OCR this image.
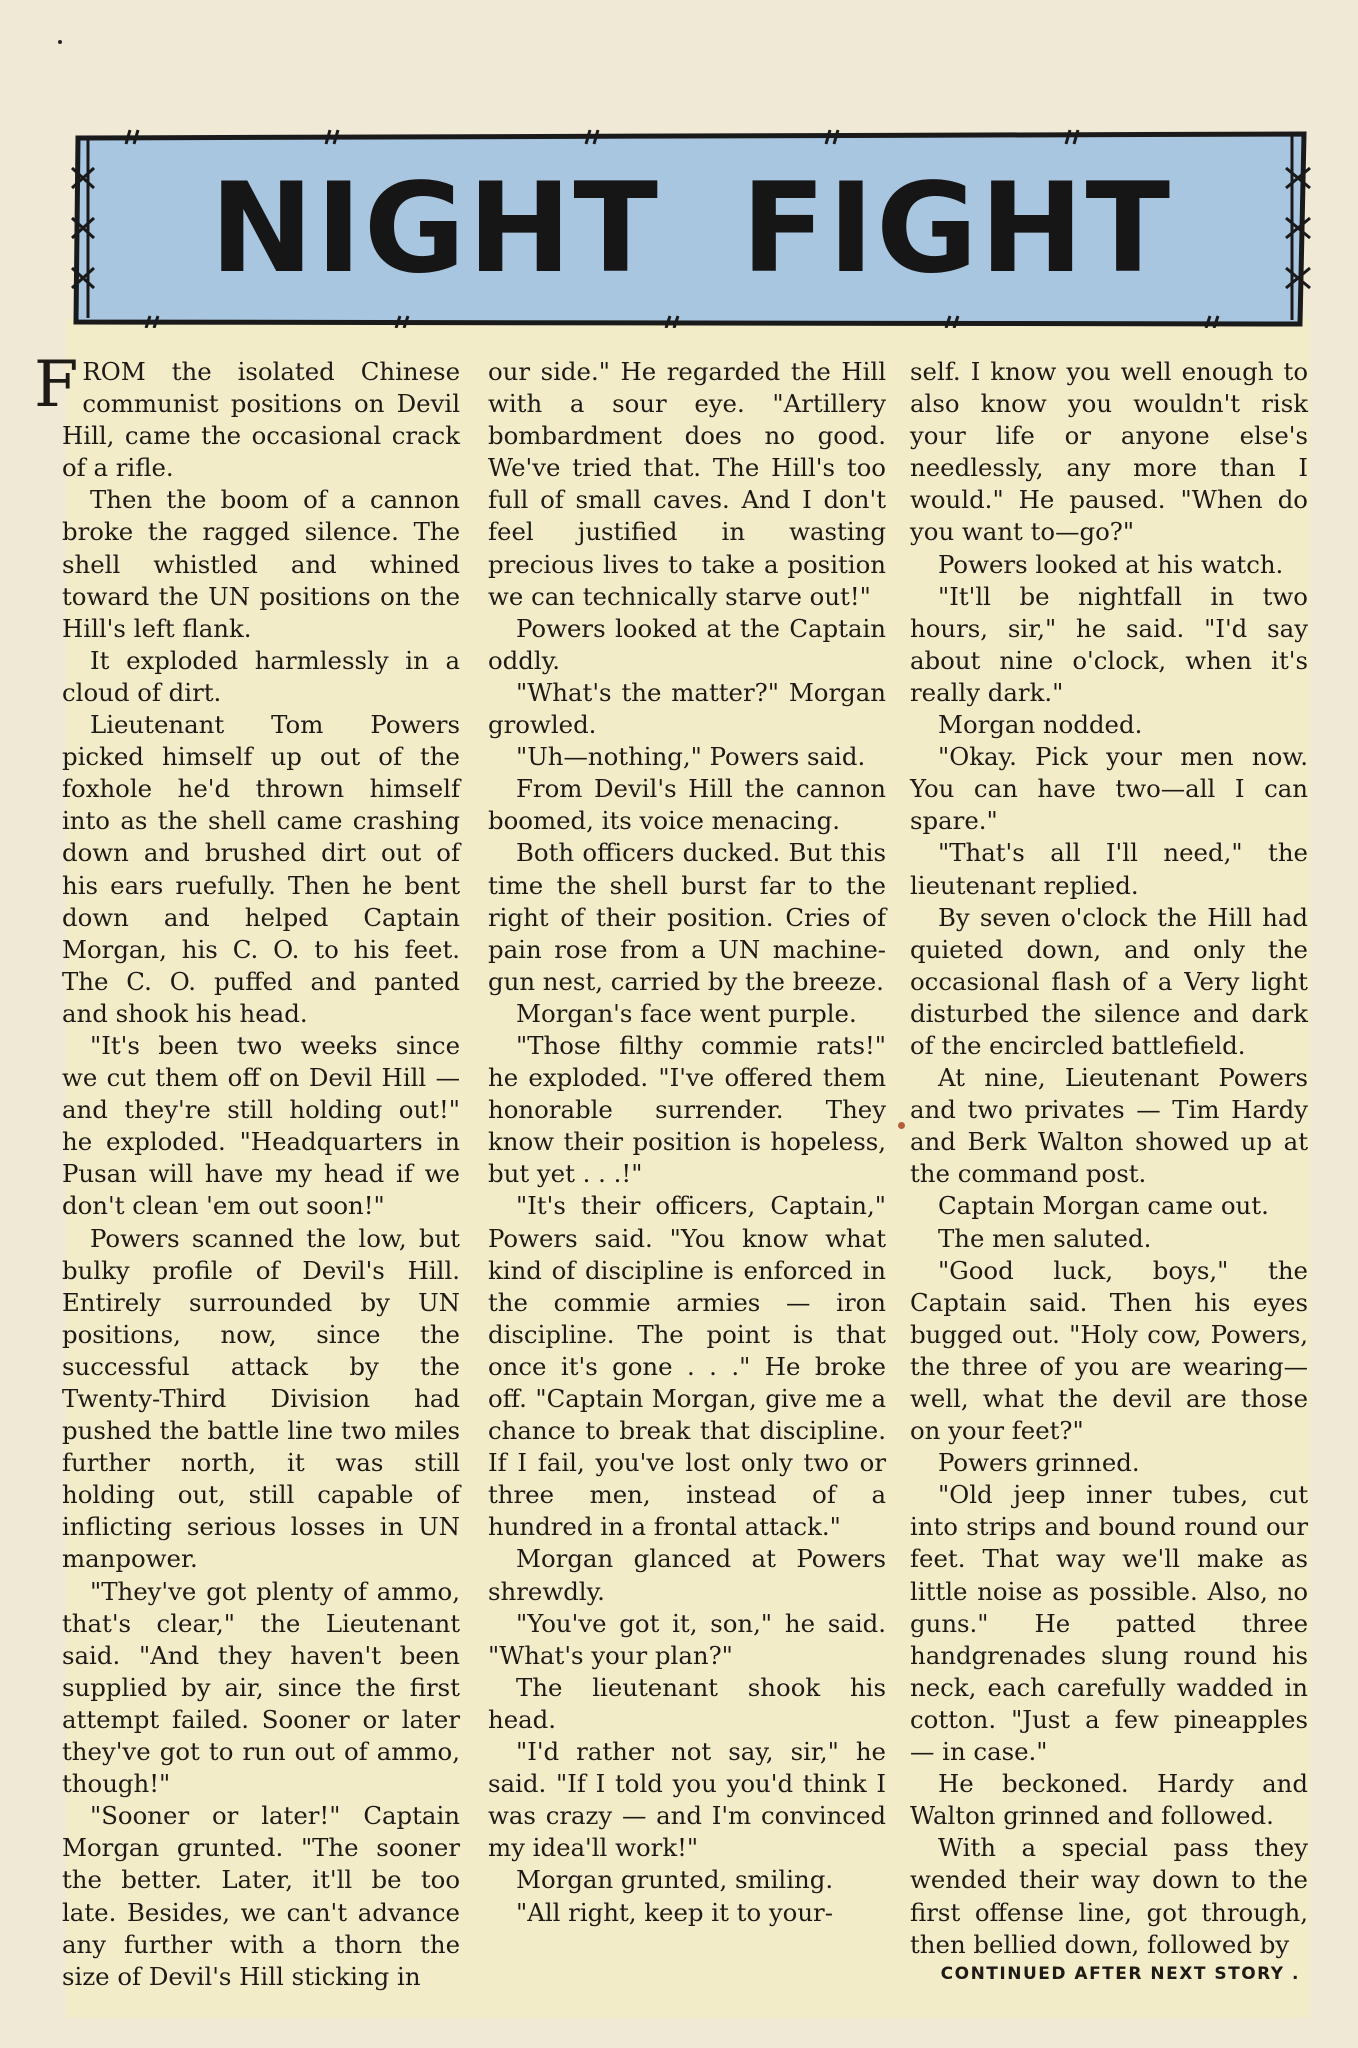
NIGHT FIGHT

FROM the isolated Chinese communist positions on Devil Hill, came the occasional crack of a rifle.

Then the boom of a cannon broke the ragged silence. The shell whistled and whined toward the UN positions on the Hill's left flank.

It exploded harmlessly in a cloud of dirt.

Lieutenant Tom Powers picked himself up out of the foxhole he'd thrown himself into as the shell came crashing down and brushed dirt out of his ears ruefully. Then he bent down and helped Captain Morgan, his C. O. to his feet. The C. O. puffed and panted and shook his head.

"It's been two weeks since we cut them off on Devil Hill — and they're still holding out!" he exploded. "Headquarters in Pusan will have my head if we don't clean 'em out soon!"

Powers scanned the low, but bulky profile of Devil's Hill. Entirely surrounded by UN positions, now, since the successful attack by the Twenty-Third Division had pushed the battle line two miles further north, it was still holding out, still capable of inflicting serious losses in UN manpower.

"They've got plenty of ammo, that's clear," the Lieutenant said. "And they haven't been supplied by air, since the first attempt failed. Sooner or later they've got to run out of ammo, though!"

"Sooner or later!" Captain Morgan grunted. "The sooner the better. Later, it'll be too late. Besides, we can't advance any further with a thorn the size of Devil's Hill sticking in

our side." He regarded the Hill with a sour eye. "Artillery bombardment does no good. We've tried that. The Hill's too full of small caves. And I don't feel justified in wasting precious lives to take a position we can technically starve out!"

Powers looked at the Captain oddly.

"What's the matter?" Morgan growled.

"Uh—nothing," Powers said.

From Devil's Hill the cannon boomed, its voice menacing.

Both officers ducked. But this time the shell burst far to the right of their position. Cries of pain rose from a UN machine-gun nest, carried by the breeze.

Morgan's face went purple.

"Those filthy commie rats!" he exploded. "I've offered them honorable surrender. They know their position is hopeless, but yet . . .!"

"It's their officers, Captain," Powers said. "You know what kind of discipline is enforced in the commie armies — iron discipline. The point is that once it's gone . . ." He broke off. "Captain Morgan, give me a chance to break that discipline. If I fail, you've lost only two or three men, instead of a hundred in a frontal attack."

Morgan glanced at Powers shrewdly.

"You've got it, son," he said. "What's your plan?"

The lieutenant shook his head.

"I'd rather not say, sir," he said. "If I told you you'd think I was crazy — and I'm convinced my idea'll work!"

Morgan grunted, smiling.

"All right, keep it to your-

self. I know you well enough to also know you wouldn't risk your life or anyone else's needlessly, any more than I would." He paused. "When do you want to—go?"

Powers looked at his watch.

"It'll be nightfall in two hours, sir," he said. "I'd say about nine o'clock, when it's really dark."

Morgan nodded.

"Okay. Pick your men now. You can have two—all I can spare."

"That's all I'll need," the lieutenant replied.

By seven o'clock the Hill had quieted down, and only the occasional flash of a Very light disturbed the silence and dark of the encircled battlefield.

At nine, Lieutenant Powers and two privates — Tim Hardy and Berk Walton showed up at the command post.

Captain Morgan came out.

The men saluted.

"Good luck, boys," the Captain said. Then his eyes bugged out. "Holy cow, Powers, the three of you are wearing—well, what the devil are those on your feet?"

Powers grinned.

"Old jeep inner tubes, cut into strips and bound round our feet. That way we'll make as little noise as possible. Also, no guns." He patted three handgrenades slung round his neck, each carefully wadded in cotton. "Just a few pineapples — in case."

He beckoned. Hardy and Walton grinned and followed.

With a special pass they wended their way down to the first offense line, got through, then bellied down, followed by

CONTINUED AFTER NEXT STORY .
